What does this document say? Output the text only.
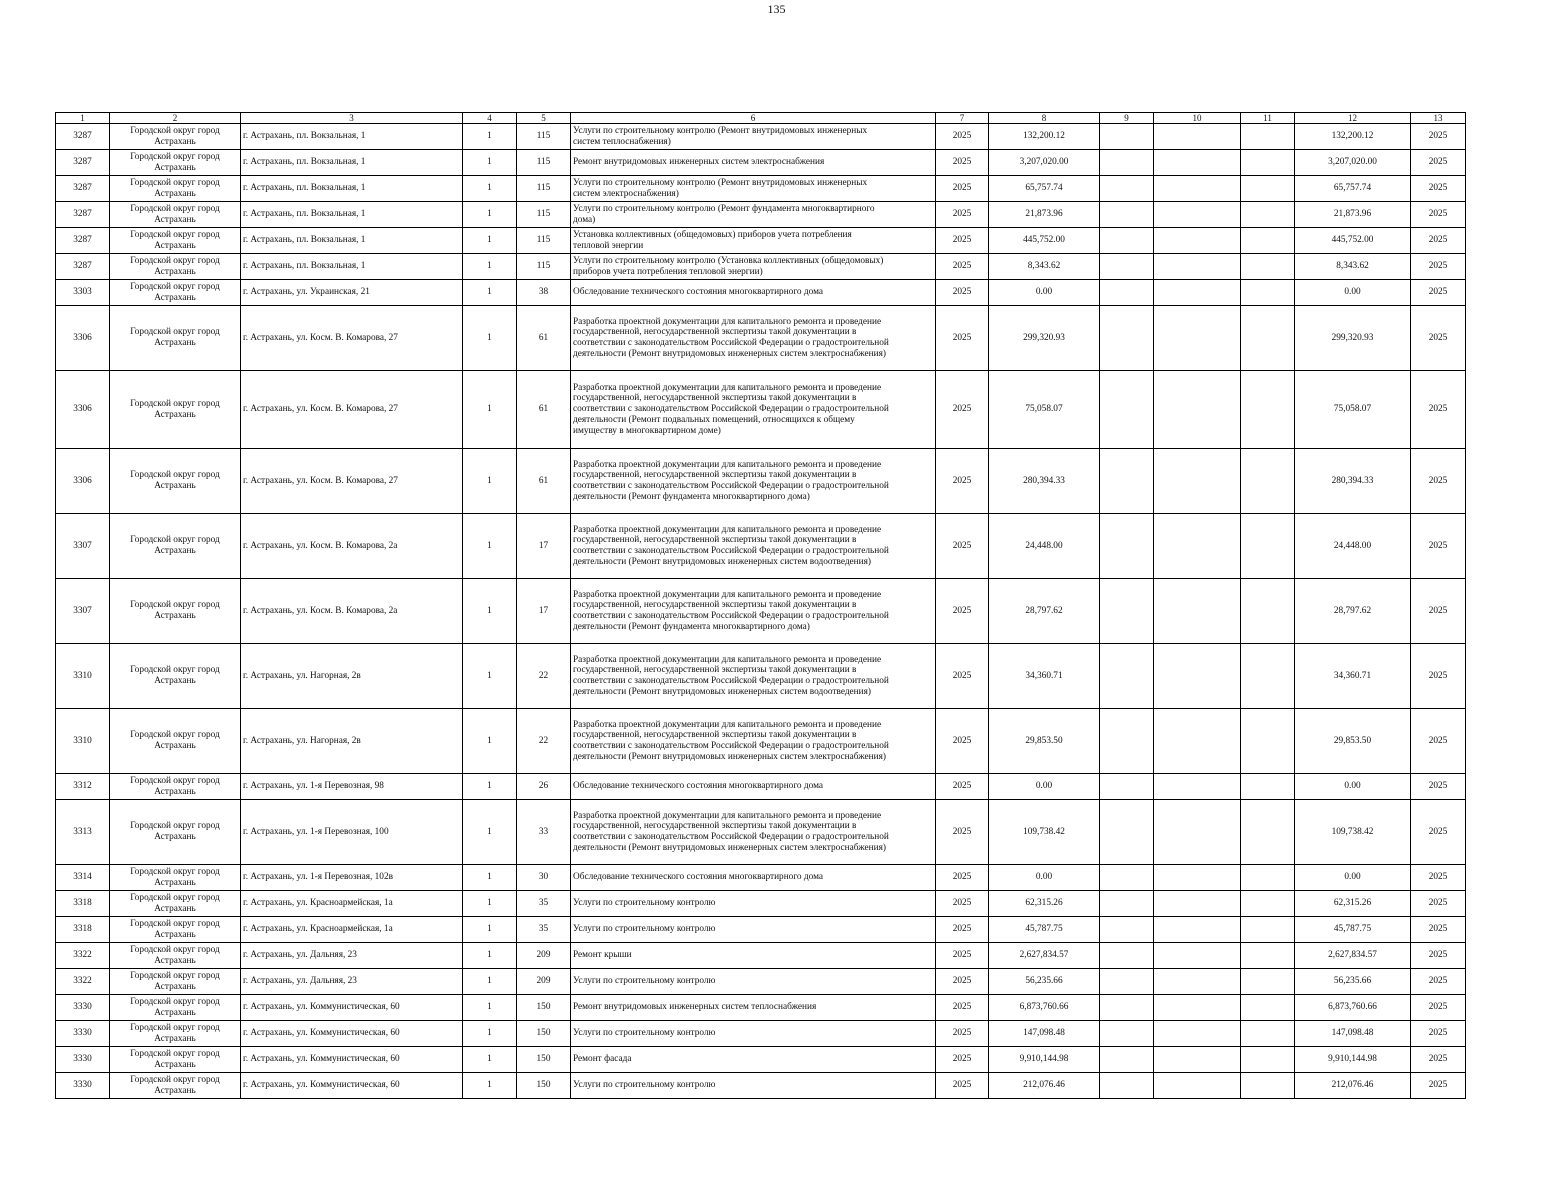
135
1	2	3	4	5	6	7	8	9	10	11	12	13
3287	Городской округ город
Астрахань	г. Астрахань, пл. Вокзальная, 1	1	115	Услуги по строительному контролю (Ремонт внутридомовых инженерных
систем теплоснабжения)	2025	132,200.12				132,200.12	2025
3287	Городской округ город
Астрахань	г. Астрахань, пл. Вокзальная, 1	1	115	Ремонт внутридомовых инженерных систем электроснабжения	2025	3,207,020.00				3,207,020.00	2025
3287	Городской округ город
Астрахань	г. Астрахань, пл. Вокзальная, 1	1	115	Услуги по строительному контролю (Ремонт внутридомовых инженерных
систем электроснабжения)	2025	65,757.74				65,757.74	2025
3287	Городской округ город
Астрахань	г. Астрахань, пл. Вокзальная, 1	1	115	Услуги по строительному контролю (Ремонт фундамента многоквартирного
дома)	2025	21,873.96				21,873.96	2025
3287	Городской округ город
Астрахань	г. Астрахань, пл. Вокзальная, 1	1	115	Установка коллективных (общедомовых) приборов учета потребления
тепловой энергии	2025	445,752.00				445,752.00	2025
3287	Городской округ город
Астрахань	г. Астрахань, пл. Вокзальная, 1	1	115	Услуги по строительному контролю (Установка коллективных (общедомовых)
приборов учета потребления тепловой энергии)	2025	8,343.62				8,343.62	2025
3303	Городской округ город
Астрахань	г. Астрахань, ул. Украинская, 21	1	38	Обследование технического состояния многоквартирного дома	2025	0.00				0.00	2025
3306	Городской округ город
Астрахань	г. Астрахань, ул. Косм. В. Комарова, 27	1	61	Разработка проектной документации для капитального ремонта и проведение
государственной, негосударственной экспертизы такой документации в
соответствии с законодательством Российской Федерации о градостроительной
деятельности (Ремонт внутридомовых инженерных систем электроснабжения)	2025	299,320.93				299,320.93	2025
3306	Городской округ город
Астрахань	г. Астрахань, ул. Косм. В. Комарова, 27	1	61	Разработка проектной документации для капитального ремонта и проведение
государственной, негосударственной экспертизы такой документации в
соответствии с законодательством Российской Федерации о градостроительной
деятельности (Ремонт подвальных помещений, относящихся к общему
имуществу в многоквартирном доме)	2025	75,058.07				75,058.07	2025
3306	Городской округ город
Астрахань	г. Астрахань, ул. Косм. В. Комарова, 27	1	61	Разработка проектной документации для капитального ремонта и проведение
государственной, негосударственной экспертизы такой документации в
соответствии с законодательством Российской Федерации о градостроительной
деятельности (Ремонт фундамента многоквартирного дома)	2025	280,394.33				280,394.33	2025
3307	Городской округ город
Астрахань	г. Астрахань, ул. Косм. В. Комарова, 2а	1	17	Разработка проектной документации для капитального ремонта и проведение
государственной, негосударственной экспертизы такой документации в
соответствии с законодательством Российской Федерации о градостроительной
деятельности (Ремонт внутридомовых инженерных систем водоотведения)	2025	24,448.00				24,448.00	2025
3307	Городской округ город
Астрахань	г. Астрахань, ул. Косм. В. Комарова, 2а	1	17	Разработка проектной документации для капитального ремонта и проведение
государственной, негосударственной экспертизы такой документации в
соответствии с законодательством Российской Федерации о градостроительной
деятельности (Ремонт фундамента многоквартирного дома)	2025	28,797.62				28,797.62	2025
3310	Городской округ город
Астрахань	г. Астрахань, ул. Нагорная, 2в	1	22	Разработка проектной документации для капитального ремонта и проведение
государственной, негосударственной экспертизы такой документации в
соответствии с законодательством Российской Федерации о градостроительной
деятельности (Ремонт внутридомовых инженерных систем водоотведения)	2025	34,360.71				34,360.71	2025
3310	Городской округ город
Астрахань	г. Астрахань, ул. Нагорная, 2в	1	22	Разработка проектной документации для капитального ремонта и проведение
государственной, негосударственной экспертизы такой документации в
соответствии с законодательством Российской Федерации о градостроительной
деятельности (Ремонт внутридомовых инженерных систем электроснабжения)	2025	29,853.50				29,853.50	2025
3312	Городской округ город
Астрахань	г. Астрахань, ул. 1-я Перевозная, 98	1	26	Обследование технического состояния многоквартирного дома	2025	0.00				0.00	2025
3313	Городской округ город
Астрахань	г. Астрахань, ул. 1-я Перевозная, 100	1	33	Разработка проектной документации для капитального ремонта и проведение
государственной, негосударственной экспертизы такой документации в
соответствии с законодательством Российской Федерации о градостроительной
деятельности (Ремонт внутридомовых инженерных систем электроснабжения)	2025	109,738.42				109,738.42	2025
3314	Городской округ город
Астрахань	г. Астрахань, ул. 1-я Перевозная, 102в	1	30	Обследование технического состояния многоквартирного дома	2025	0.00				0.00	2025
3318	Городской округ город
Астрахань	г. Астрахань, ул. Красноармейская, 1а	1	35	Услуги по строительному контролю	2025	62,315.26				62,315.26	2025
3318	Городской округ город
Астрахань	г. Астрахань, ул. Красноармейская, 1а	1	35	Услуги по строительному контролю	2025	45,787.75				45,787.75	2025
3322	Городской округ город
Астрахань	г. Астрахань, ул. Дальняя, 23	1	209	Ремонт крыши	2025	2,627,834.57				2,627,834.57	2025
3322	Городской округ город
Астрахань	г. Астрахань, ул. Дальняя, 23	1	209	Услуги по строительному контролю	2025	56,235.66				56,235.66	2025
3330	Городской округ город
Астрахань	г. Астрахань, ул. Коммунистическая, 60	1	150	Ремонт внутридомовых инженерных систем теплоснабжения	2025	6,873,760.66				6,873,760.66	2025
3330	Городской округ город
Астрахань	г. Астрахань, ул. Коммунистическая, 60	1	150	Услуги по строительному контролю	2025	147,098.48				147,098.48	2025
3330	Городской округ город
Астрахань	г. Астрахань, ул. Коммунистическая, 60	1	150	Ремонт фасада	2025	9,910,144.98				9,910,144.98	2025
3330	Городской округ город
Астрахань	г. Астрахань, ул. Коммунистическая, 60	1	150	Услуги по строительному контролю	2025	212,076.46				212,076.46	2025
